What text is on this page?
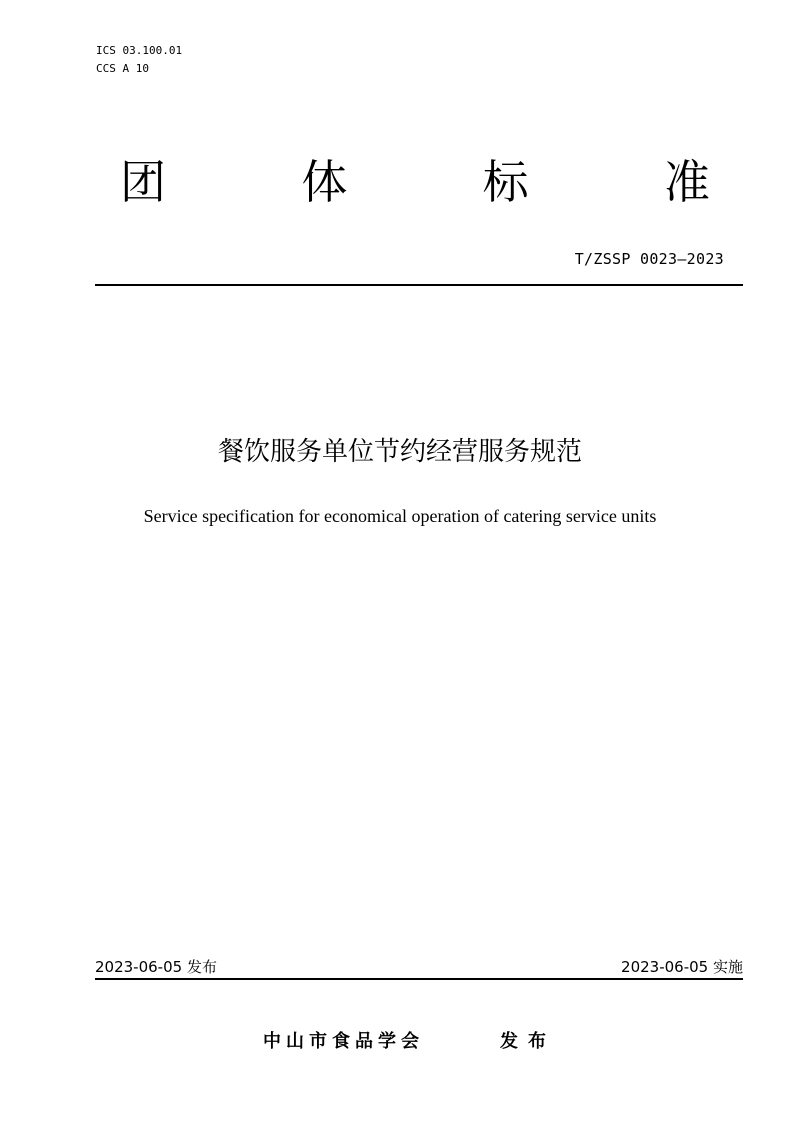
ICS 03.100.01
CCS A 10
团	体	标	准
T/ZSSP 0023—2023
餐饮服务单位节约经营服务规范
Service specification for economical operation of catering service units
2023-06-05 发布	2023-06-05 实施
中山市食品学会	发布
